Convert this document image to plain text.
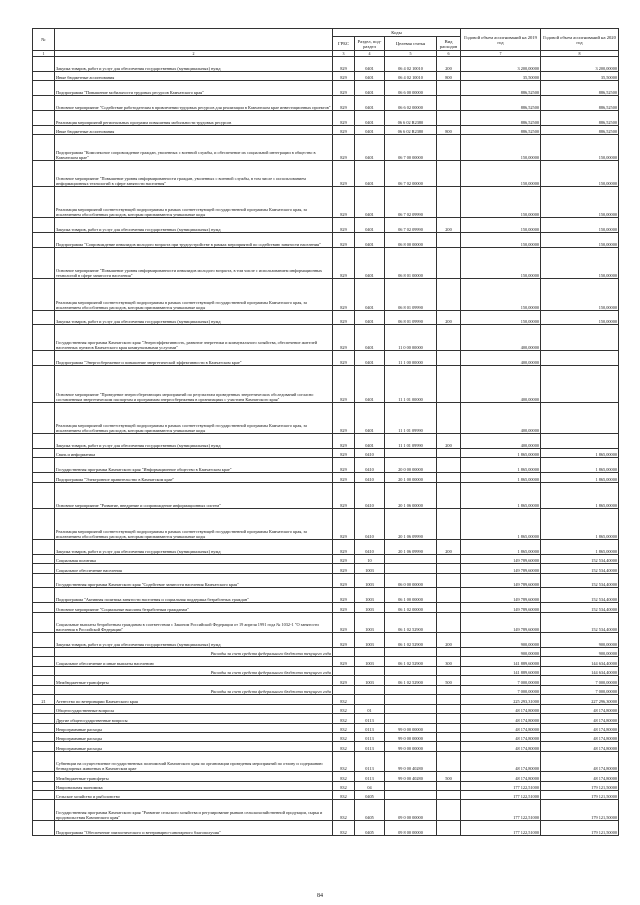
№		Коды				Годовой объем ассигнований на 2019 год	Годовой объем ассигнований на 2020 год
		ГРБС	Раздел, под-раздел	Целевая статья	Вид расходов		
1	2	3	4	5	6	7	8
	Закупка товаров, работ и услуг для обеспечения государственных (муниципальных) нужд	829	0401	06 4 02 10010	200	3 200,00000	3 200,00000
	Иные бюджетные ассигнования	829	0401	06 4 02 10010	800	35,50000	35,50000
	Подпрограмма "Повышение мобильности трудовых ресурсов Камчатского края"	829	0401	06 6 00 00000		886,52500	886,52500
	Основное мероприятие "Содействие работодателям в привлечении трудовых ресурсов для реализации в Камчатском крае инвестиционных проектов"	829	0401	06 6 02 00000		886,52500	886,52500
	Реализация мероприятий региональных программ повышения мобильности трудовых ресурсов	829	0401	06 6 02 R2380		886,52500	886,52500
	Иные бюджетные ассигнования	829	0401	06 6 02 R2380	800	886,52500	886,52500
	Подпрограмма "Комплексное сопровождение граждан, уволенных с военной службы, и обеспечение их социальной интеграции в общество в Камчатском крае"	829	0401	06 7 00 00000		150,00000	150,00000
	Основное мероприятие "Повышение уровня информированности граждан, уволенных с военной службы, в том числе с использованием информационных технологий в сфере занятости населения"	829	0401	06 7 02 00000		150,00000	150,00000
	Реализация мероприятий соответствующей подпрограммы в рамках соответствующей государственной программы Камчатского края, за исключением обособленных расходов, которым присваиваются уникальные коды	829	0401	06 7 02 09990		150,00000	150,00000
	Закупка товаров, работ и услуг для обеспечения государственных (муниципальных) нужд	829	0401	06 7 02 09990	200	150,00000	150,00000
	Подпрограмма "Сопровождение инвалидов молодого возраста при трудоустройстве в рамках мероприятий по содействию занятости населения"	829	0401	06 8 00 00000		150,00000	150,00000
	Основное мероприятие "Повышение уровня информированности инвалидов молодого возраста, в том числе с использованием информационных технологий в сфере занятости населения"	829	0401	06 8 01 00000		150,00000	150,00000
	Реализация мероприятий соответствующей подпрограммы в рамках соответствующей государственной программы Камчатского края, за исключением обособленных расходов, которым присваиваются уникальные коды	829	0401	06 8 01 09990		150,00000	150,00000
	Закупка товаров, работ и услуг для обеспечения государственных (муниципальных) нужд	829	0401	06 8 01 09990	200	150,00000	150,00000
	Государственная программа Камчатского края "Энергоэффективность, развитие энергетики и коммунального хозяйства, обеспечение жителей населенных пунктов Камчатского края коммунальными услугами"	829	0401	11 0 00 00000		400,00000	
	Подпрограмма "Энергосбережение и повышение энергетической эффективности в Камчатском крае"	829	0401	11 1 00 00000		400,00000	
	Основное мероприятие "Проведение энергосберегающих мероприятий по результатам проведенных энергетических обследований согласно составленным энергетическим паспортам и программам энергосбережения в организациях с участием Камчатского края"	829	0401	11 1 01 00000		400,00000	
	Реализация мероприятий соответствующей подпрограммы в рамках соответствующей государственной программы Камчатского края, за исключением обособленных расходов, которым присваиваются уникальные коды	829	0401	11 1 01 09990		400,00000	
	Закупка товаров, работ и услуг для обеспечения государственных (муниципальных) нужд	829	0401	11 1 01 09990	200	400,00000	
	Связь и информатика	829	0410			1 865,00000	1 865,00000
	Государственная программа Камчатского края "Информационное общество в Камчатском крае"	829	0410	20 0 00 00000		1 865,00000	1 865,00000
	Подпрограмма "Электронное правительство в Камчатском крае"	829	0410	20 1 00 00000		1 865,00000	1 865,00000
	Основное мероприятие "Развитие, внедрение и сопровождение информационных систем"	829	0410	20 1 06 00000		1 865,00000	1 865,00000
	Реализация мероприятий соответствующей подпрограммы в рамках соответствующей государственной программы Камчатского края, за исключением обособленных расходов, которым присваиваются уникальные коды	829	0410	20 1 06 09990		1 865,00000	1 865,00000
	Закупка товаров, работ и услуг для обеспечения государственных (муниципальных) нужд	829	0410	20 1 06 09990	200	1 865,00000	1 865,00000
	Социальная политика	829	10			149 789,60000	152 534,40000
	Социальное обеспечение населения	829	1003			149 789,60000	152 534,40000
	Государственная программа Камчатского края "Содействие занятости населения Камчатского края"	829	1003	06 0 00 00000		149 789,60000	152 534,40000
	Подпрограмма "Активная политика занятости населения и социальная поддержка безработных граждан"	829	1003	06 1 00 00000		149 789,60000	152 534,40000
	Основное мероприятие "Социальные выплаты безработным гражданам"	829	1003	06 1 02 00000		149 789,60000	152 534,40000
	Социальные выплаты безработным гражданам в соответствии с Законом Российской Федерации от 19 апреля 1991 года № 1032-1 "О занятости населения в Российской Федерации"	829	1003	06 1 02 52900		149 789,60000	152 534,40000
	Закупка товаров, работ и услуг для обеспечения государственных (муниципальных) нужд	829	1003	06 1 02 52900	200	900,00000	900,00000
	Расходы за счет средств федерального бюджета текущего года					900,00000	900,00000
	Социальное обеспечение и иные выплаты населению	829	1003	06 1 02 52900	300	141 889,60000	144 634,40000
	Расходы за счет средств федерального бюджета текущего года					141 889,60000	144 634,40000
	Межбюджетные трансферты	829	1003	06 1 02 52900	500	7 000,00000	7 000,00000
	Расходы за счет средств федерального бюджета текущего года					7 000,00000	7 000,00000
21	Агентство по ветеринарии Камчатского края	832				225 293,31000	227 296,30000
	Общегосударственные вопросы	832	01			48 174,80000	48 174,80000
	Другие общегосударственные вопросы	832	0113			48 174,80000	48 174,80000
	Непрограммные расходы	832	0113	99 0 00 00000		48 174,80000	48 174,80000
	Непрограммные расходы	832	0113	99 0 00 00000		48 174,80000	48 174,80000
	Непрограммные расходы	832	0113	99 0 00 00000		48 174,80000	48 174,80000
	Субвенции на осуществление государственных полномочий Камчатского края по организации проведения мероприятий по отлову и содержанию безнадзорных животных в Камчатском крае	832	0113	99 0 00 40280		48 174,80000	48 174,80000
	Межбюджетные трансферты	832	0113	99 0 00 40280	500	48 174,80000	48 174,80000
	Национальная экономика	832	04			177 122,51000	179 121,50000
	Сельское хозяйство и рыболовство	832	0405			177 122,51000	179 121,50000
	Государственная программа Камчатского края "Развитие сельского хозяйства и регулирование рынков сельскохозяйственной продукции, сырья и продовольствия Камчатского края"	832	0405	09 0 00 00000		177 122,51000	179 121,50000
	Подпрограмма "Обеспечение эпизоотического и ветеринарно-санитарного благополучия"	832	0405	09 8 00 00000		177 122,51000	179 121,50000
84
